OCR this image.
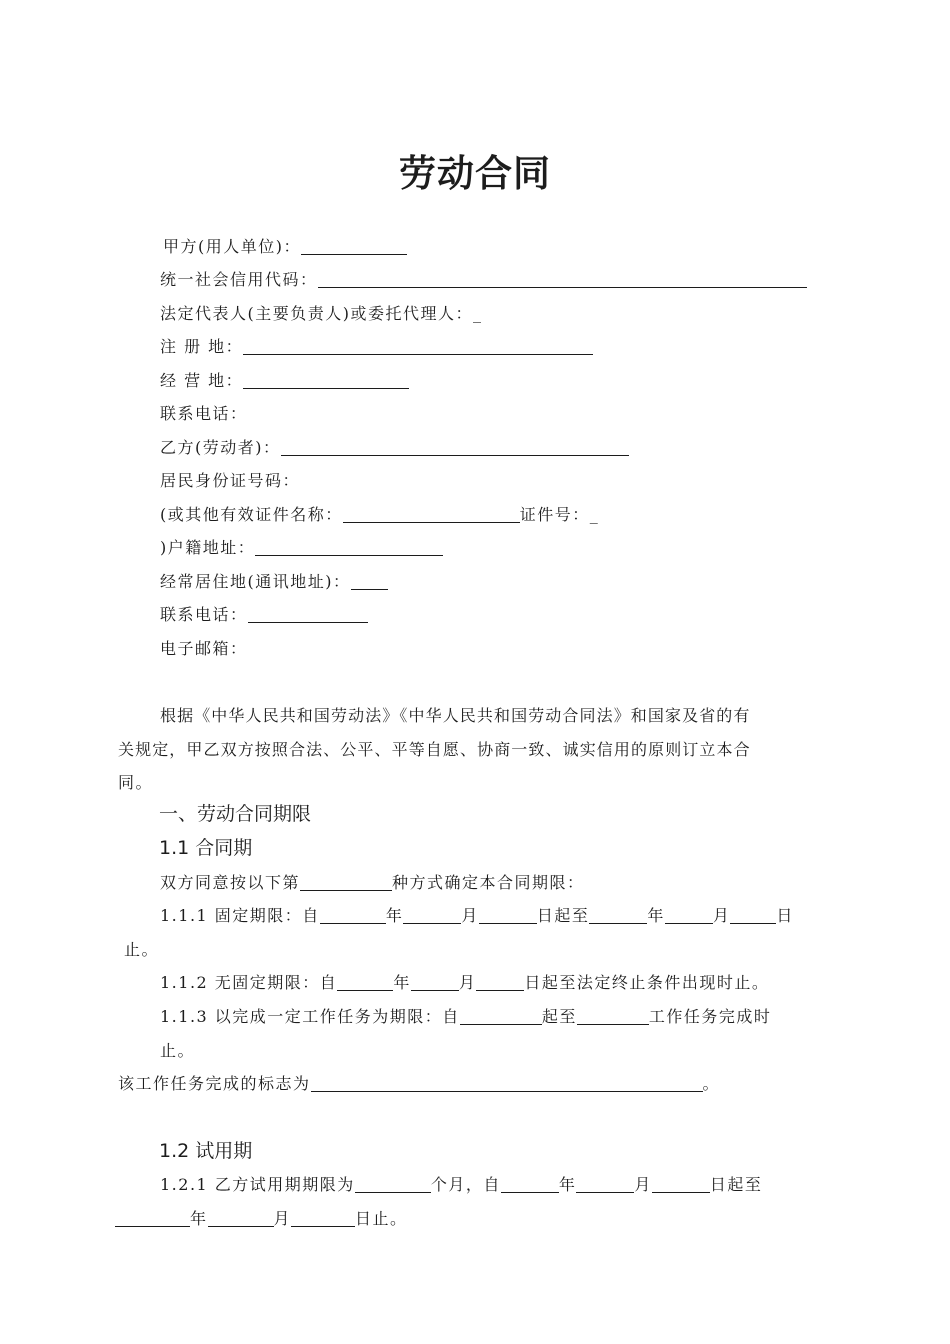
劳动合同
甲方(用人单位)：
统一社会信用代码：
法定代表人(主要负责人)或委托代理人：_
注 册 地：
经 营 地：
联系电话：
乙方(劳动者)：
居民身份证号码：
(或其他有效证件名称：	证件号：_
)户籍地址：
经常居住地(通讯地址)：
联系电话：
电子邮箱：
根据《中华人民共和国劳动法》《中华人民共和国劳动合同法》和国家及省的有
关规定，甲乙双方按照合法、公平、平等自愿、协商一致、诚实信用的原则订立本合
同。
一、劳动合同期限
1.1 合同期
双方同意按以下第	种方式确定本合同期限：
1.1.1 固定期限：自	年	月	日起至	年	月	日
止。
1.1.2 无固定期限：自	年	月	日起至法定终止条件出现时止。
1.1.3 以完成一定工作任务为期限：自	起至	工作任务完成时
止。
该工作任务完成的标志为	。
1.2 试用期
1.2.1 乙方试用期期限为	个月，自	年	月	日起至
年	月	日止。
